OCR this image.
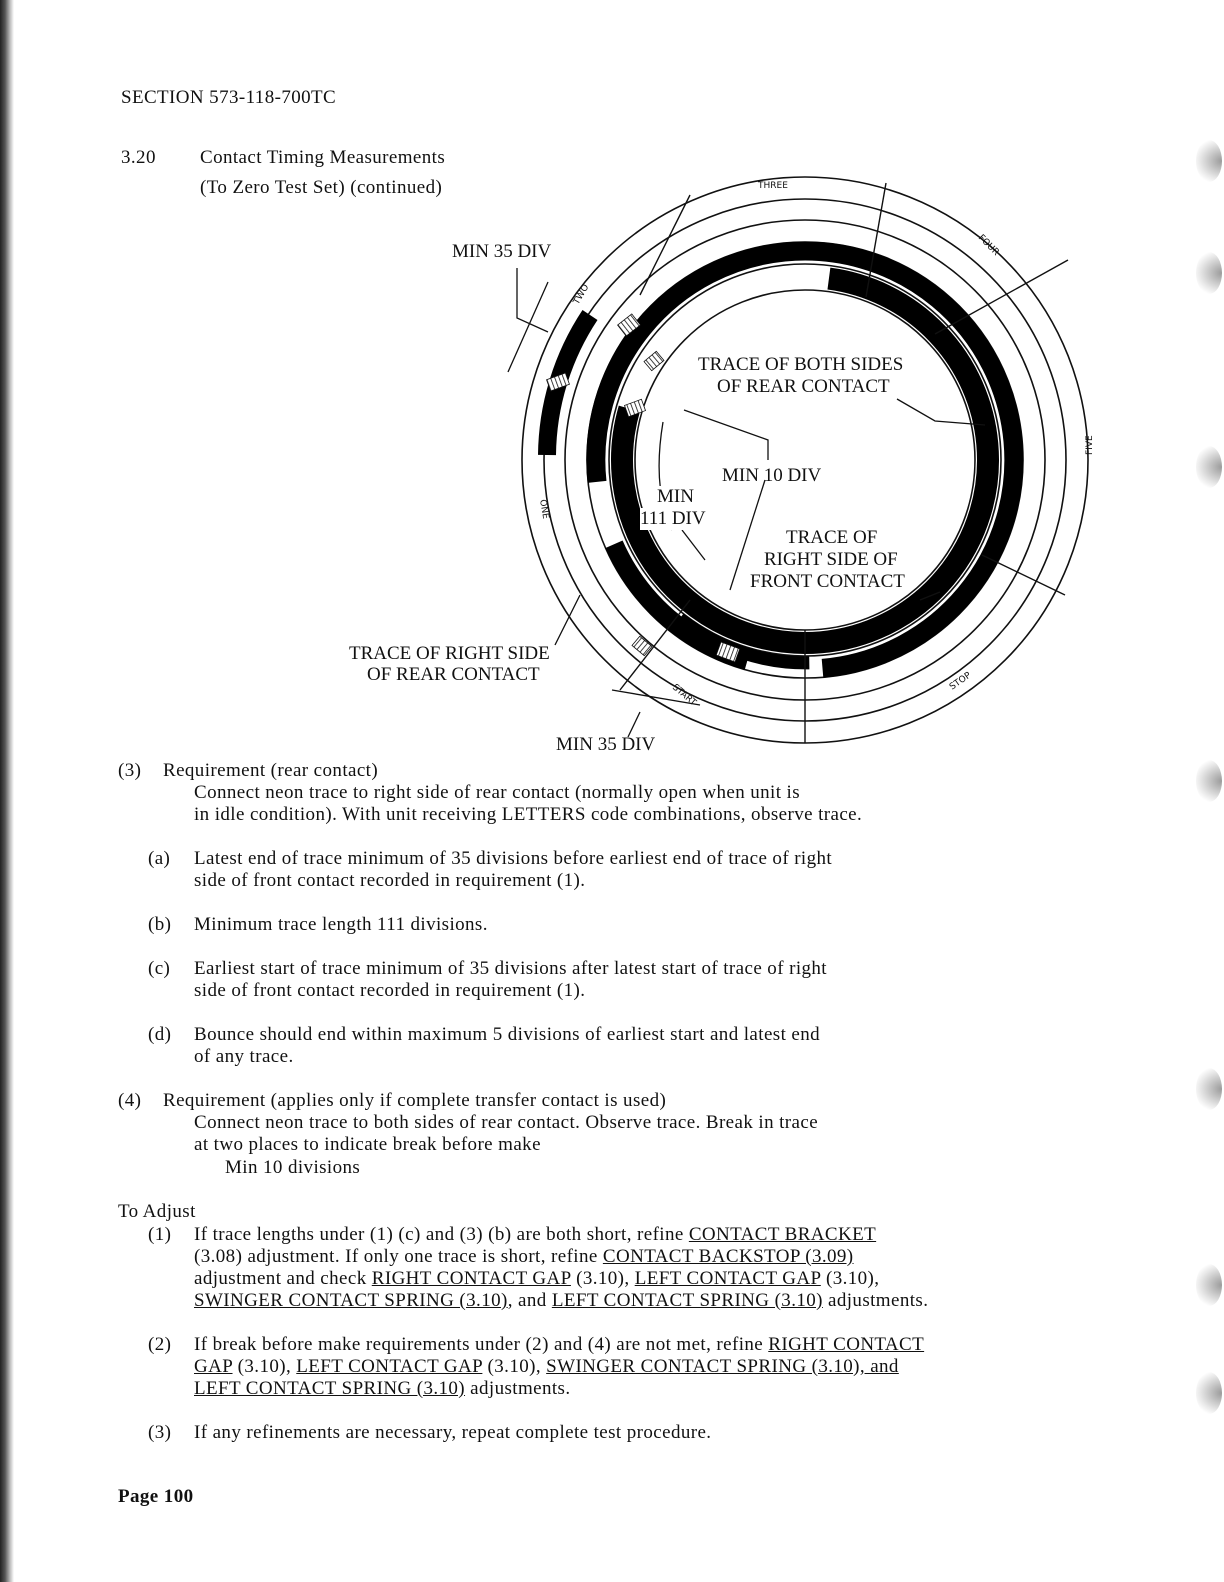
SECTION 573-118-700TC
3.20 Contact Timing Measurements
(To Zero Test Set) (continued)	THREE
FOUR
FIVE
STOP
START
ONE
TWO
MIN 35 DIV
TRACE OF BOTH SIDES
OF REAR CONTACT
MIN 10 DIV
MIN
111 DIV
TRACE OF
RIGHT SIDE OF
FRONT CONTACT
TRACE OF RIGHT SIDE
OF REAR CONTACT
MIN 35 DIV
(3) Requirement (rear contact)
Connect neon trace to right side of rear contact (normally open when unit is
in idle condition). With unit receiving LETTERS code combinations, observe trace.
(a) Latest end of trace minimum of 35 divisions before earliest end of trace of right
side of front contact recorded in requirement (1).
(b) Minimum trace length 111 divisions.
(c) Earliest start of trace minimum of 35 divisions after latest start of trace of right
side of front contact recorded in requirement (1).
(d) Bounce should end within maximum 5 divisions of earliest start and latest end
of any trace.
(4) Requirement (applies only if complete transfer contact is used)
Connect neon trace to both sides of rear contact. Observe trace. Break in trace
at two places to indicate break before make
Min 10 divisions
To Adjust
(1) If trace lengths under (1) (c) and (3) (b) are both short, refine CONTACT BRACKET
(3.08) adjustment. If only one trace is short, refine CONTACT BACKSTOP (3.09)
adjustment and check RIGHT CONTACT GAP (3.10), LEFT CONTACT GAP (3.10),
SWINGER CONTACT SPRING (3.10), and LEFT CONTACT SPRING (3.10) adjustments.
(2) If break before make requirements under (2) and (4) are not met, refine RIGHT CONTACT
GAP (3.10), LEFT CONTACT GAP (3.10), SWINGER CONTACT SPRING (3.10), and
LEFT CONTACT SPRING (3.10) adjustments.
(3) If any refinements are necessary, repeat complete test procedure.
Page 100
